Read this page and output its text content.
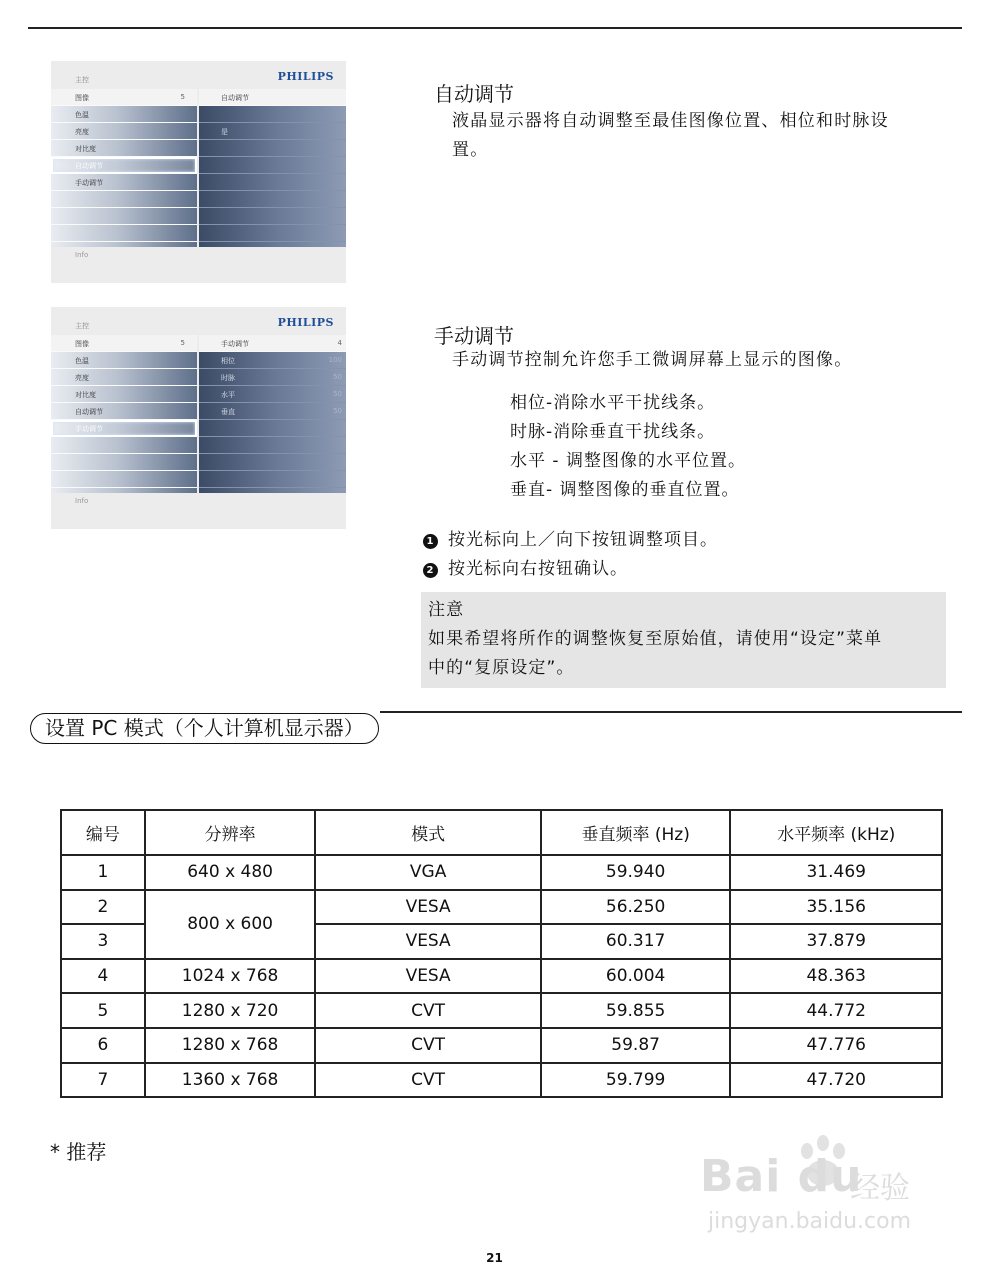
主控	PHILIPS
图像	5
色温
亮度
对比度
自动调节
手动调节
自动调节
是
Info
主控	PHILIPS
图像	5
色温
亮度
对比度
自动调节
手动调节
手动调节	4
相位	100
时脉	50
水平	50
垂直	50
Info
自动调节
液晶显示器将自动调整至最佳图像位置、相位和时脉设
置。
手动调节
手动调节控制允许您手工微调屏幕上显示的图像。
相位-消除水平干扰线条。
时脉-消除垂直干扰线条。
水平 - 调整图像的水平位置。
垂直- 调整图像的垂直位置。
1 按光标向上／向下按钮调整项目。
2 按光标向右按钮确认。
注意
如果希望将所作的调整恢复至原始值，请使用“设定”菜单
中的“复原设定”。
设置 PC 模式（个人计算机显示器）
编号	分辨率	模式	垂直频率 (Hz)	水平频率 (kHz)
1	640 x 480	VGA	59.940	31.469
2	800 x 600	VESA	56.250	35.156
3		VESA	60.317	37.879
4	1024 x 768	VESA	60.004	48.363
5	1280 x 720	CVT	59.855	44.772
6	1280 x 768	CVT	59.87	47.776
7	1360 x 768	CVT	59.799	47.720
* 推荐	Bai du
经验
jingyan.baidu.com
21
